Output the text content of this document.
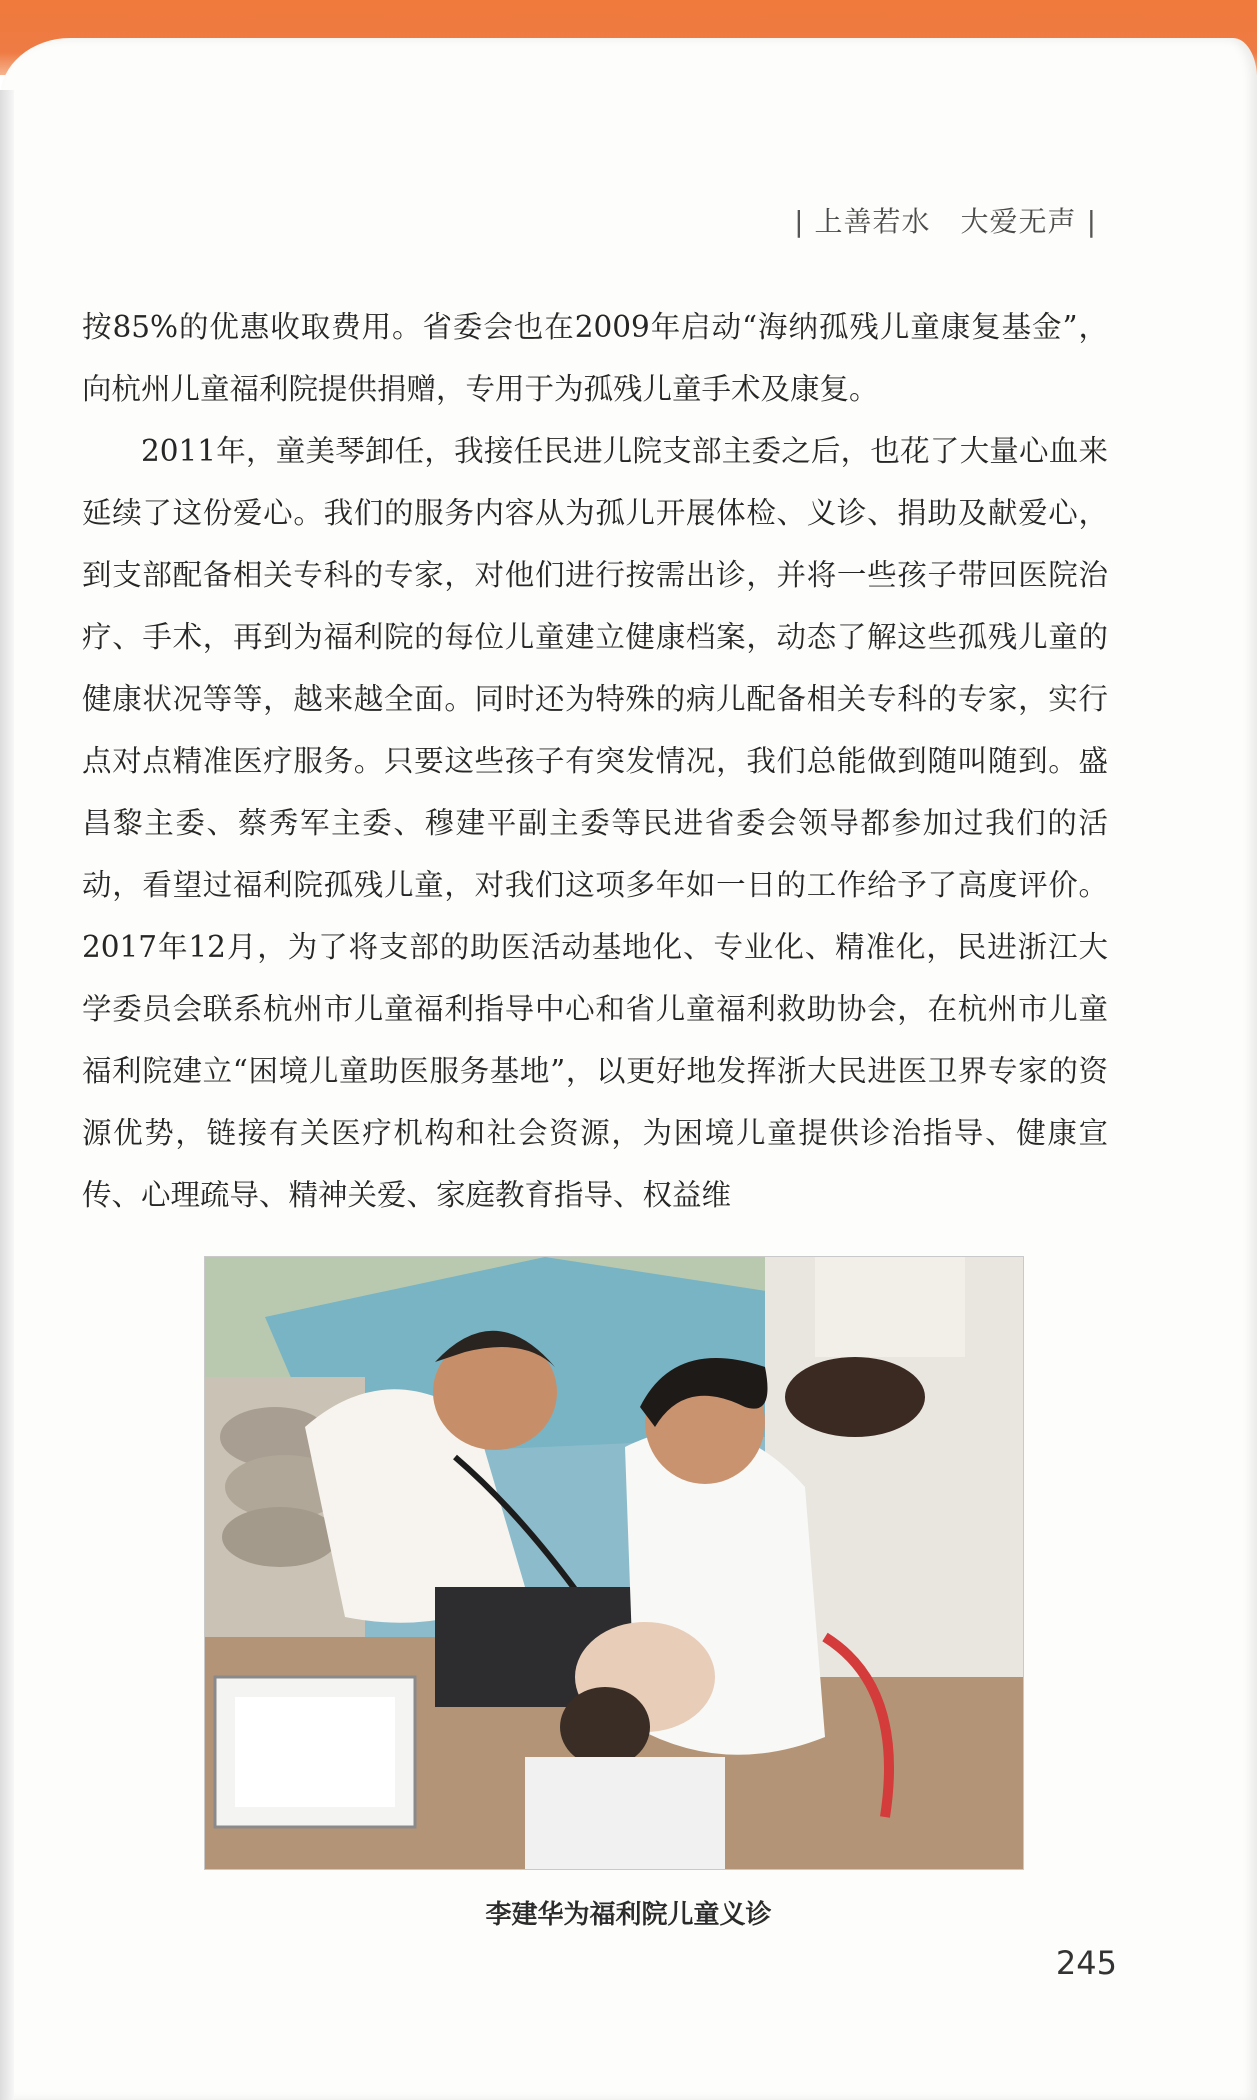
| 上善若水 大爱无声 |

按85%的优惠收取费用。省委会也在2009年启动“海纳孤残儿童康复基金”，向杭州儿童福利院提供捐赠，专用于为孤残儿童手术及康复。

2011年，童美琴卸任，我接任民进儿院支部主委之后，也花了大量心血来延续了这份爱心。我们的服务内容从为孤儿开展体检、义诊、捐助及献爱心，到支部配备相关专科的专家，对他们进行按需出诊，并将一些孩子带回医院治疗、手术，再到为福利院的每位儿童建立健康档案，动态了解这些孤残儿童的健康状况等等，越来越全面。同时还为特殊的病儿配备相关专科的专家，实行点对点精准医疗服务。只要这些孩子有突发情况，我们总能做到随叫随到。盛昌黎主委、蔡秀军主委、穆建平副主委等民进省委会领导都参加过我们的活动，看望过福利院孤残儿童，对我们这项多年如一日的工作给予了高度评价。2017年12月，为了将支部的助医活动基地化、专业化、精准化，民进浙江大学委员会联系杭州市儿童福利指导中心和省儿童福利救助协会，在杭州市儿童福利院建立“困境儿童助医服务基地”，以更好地发挥浙大民进医卫界专家的资源优势，链接有关医疗机构和社会资源，为困境儿童提供诊治指导、健康宣传、心理疏导、精神关爱、家庭教育指导、权益维

李建华为福利院儿童义诊
245
